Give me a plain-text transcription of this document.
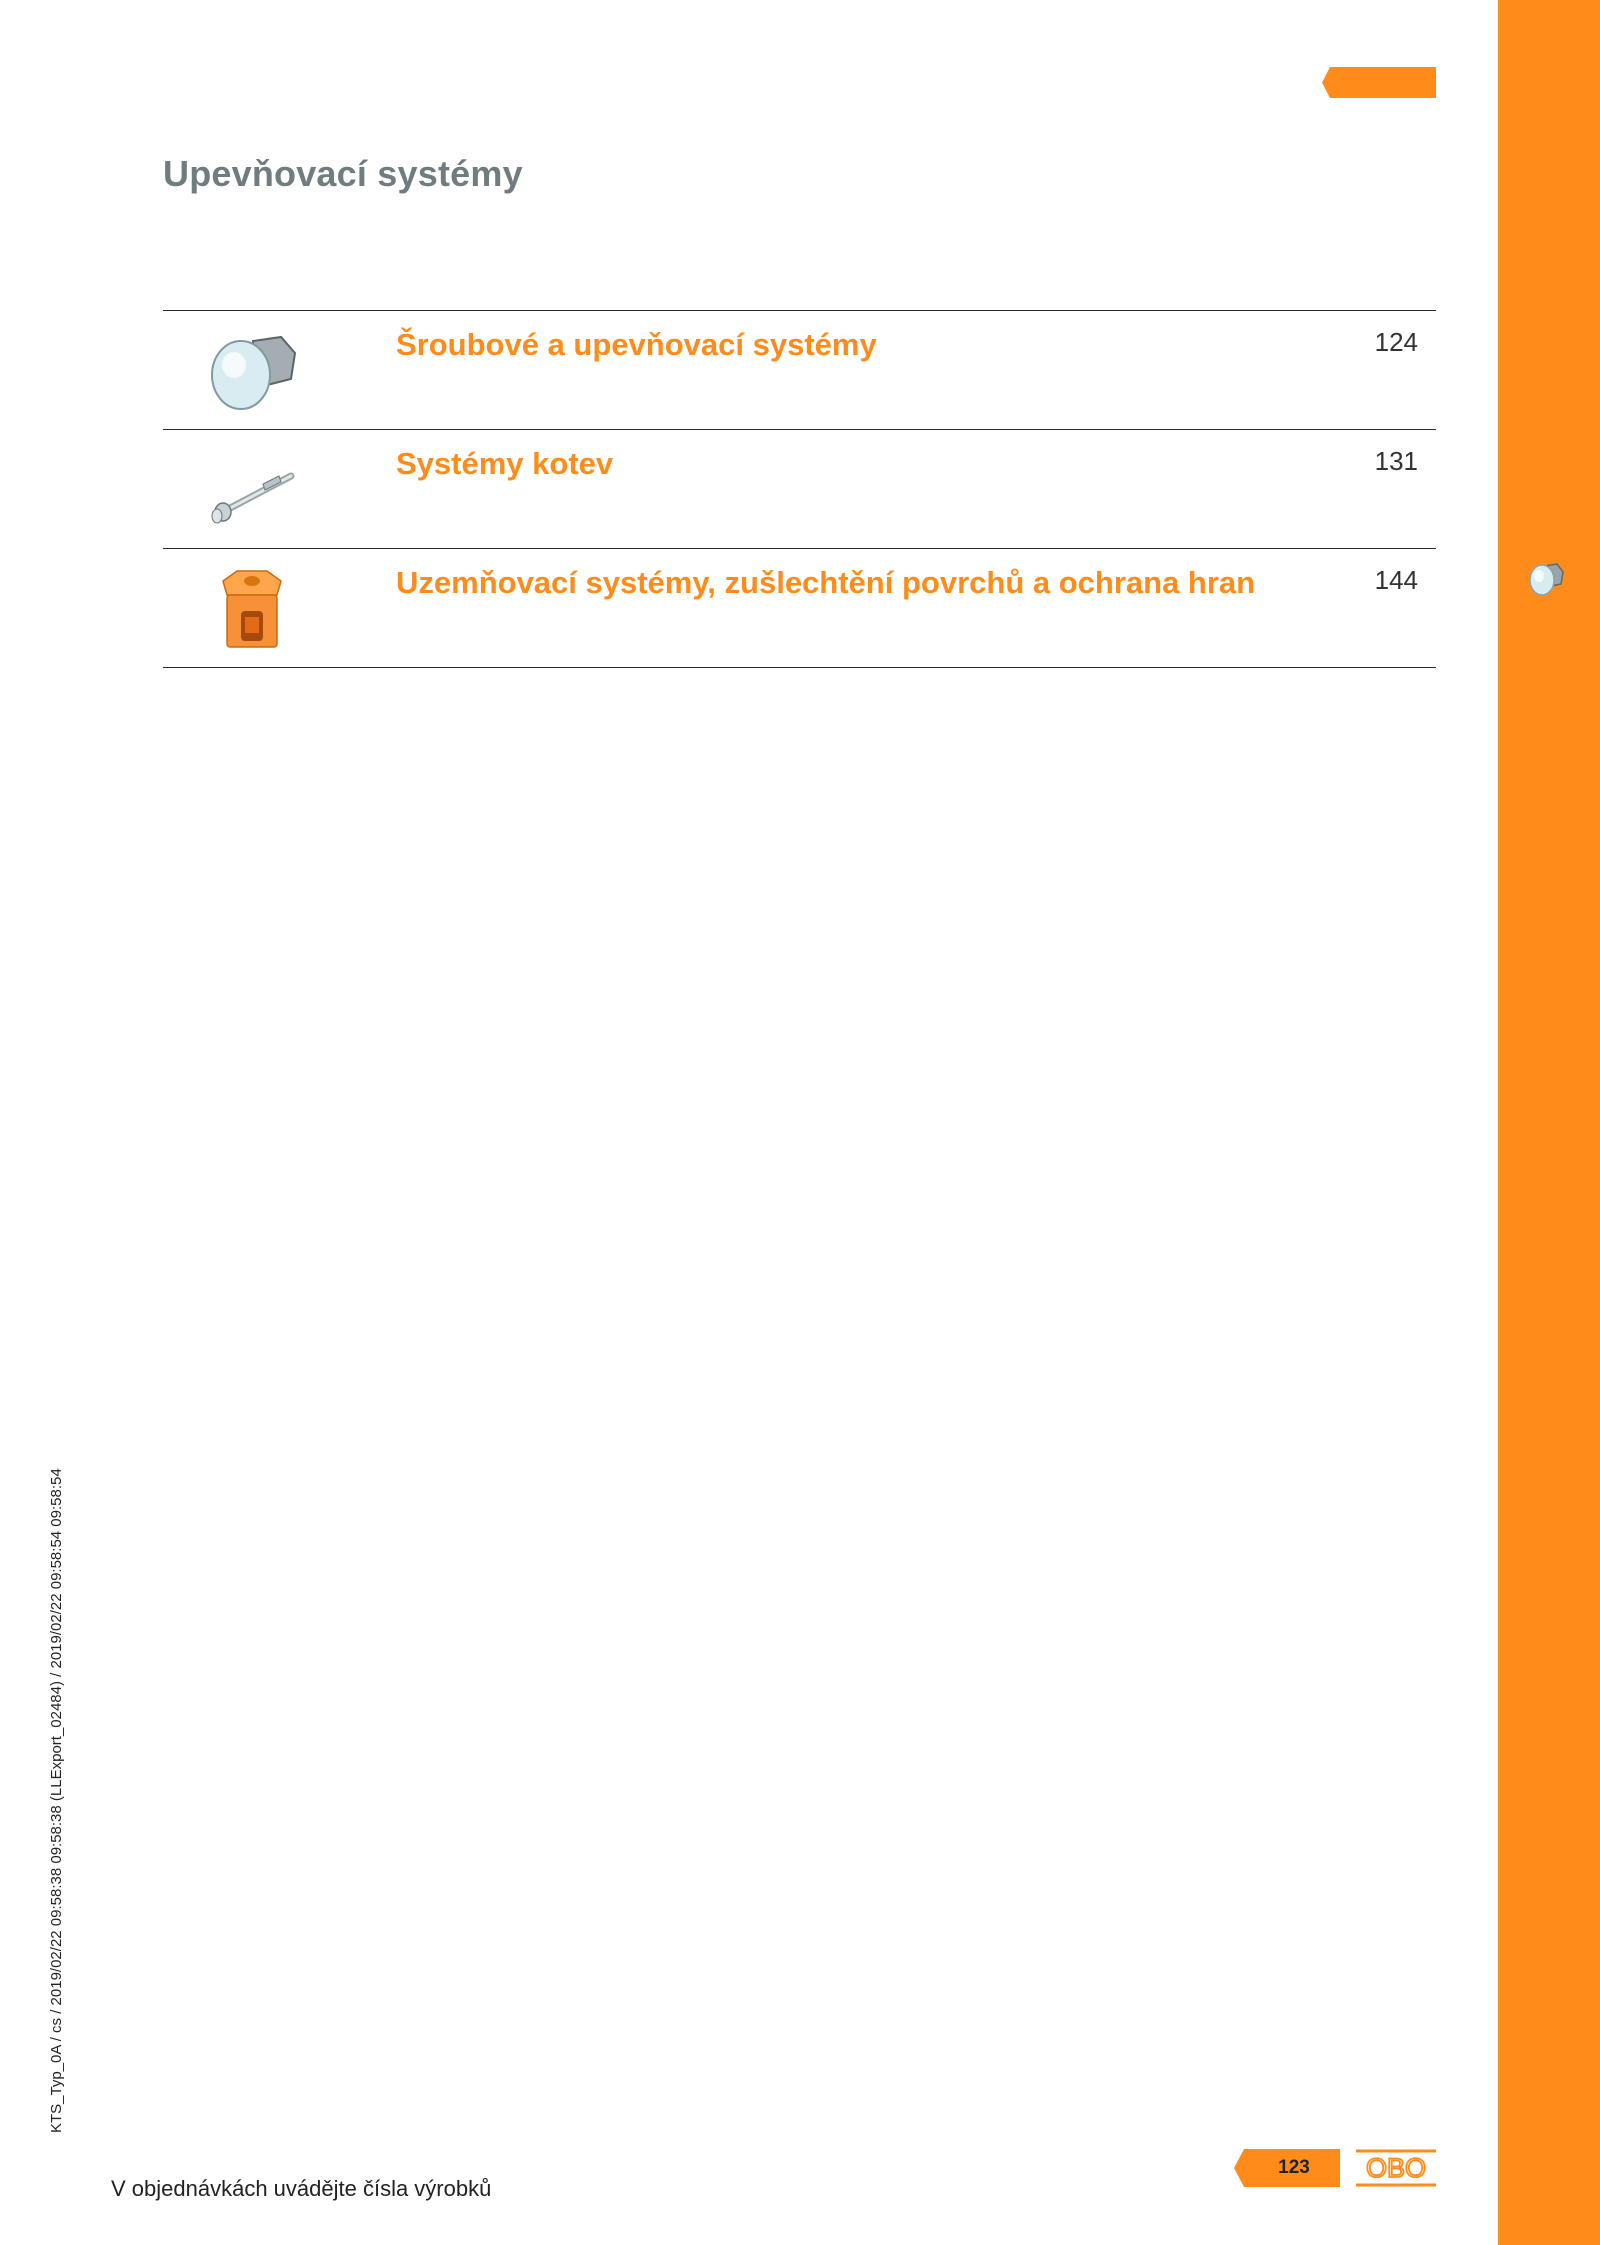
Upevňovací systémy
Šroubové a upevňovací systémy	124
Systémy kotev	131
Uzemňovací systémy, zušlechtění povrchů a ochrana hran	144
KTS_Typ_0A / cs / 2019/02/22 09:58:38 09:58:38 (LLExport_02484) / 2019/02/22 09:58:54 09:58:54
V objednávkách uvádějte čísla výrobků
123	OBO
